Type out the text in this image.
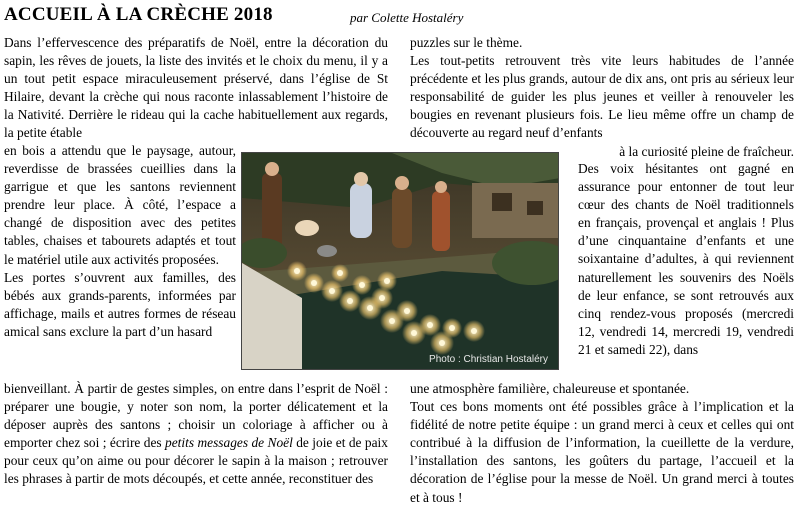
ACCUEIL À LA CRÈCHE 2018	par Colette Hostaléry

Dans l’effervescence des préparatifs de Noël, entre la décoration du sapin, les rêves de jouets, la liste des invités et le choix du menu, il y a un tout petit espace miraculeusement préservé, dans l’église de St Hilaire, devant la crèche qui nous raconte inlassablement l’histoire de la Nativité. Derrière le rideau qui la cache habituellement aux regards, la petite étable

en bois a attendu que le paysage, autour, reverdisse de brassées cueillies dans la garrigue et que les santons reviennent prendre leur place. À côté, l’espace a changé de disposition avec des petites tables, chaises et tabourets adaptés et tout le matériel utile aux activités proposées.

Les portes s’ouvrent aux familles, des bébés aux grands-parents, informées par affichage, mails et autres formes de réseau amical sans exclure la part d’un hasard

bienveillant. À partir de gestes simples, on entre dans l’esprit de Noël : préparer une bougie, y noter son nom, la porter délicatement et la déposer auprès des santons ; choisir un coloriage à afficher ou à emporter chez soi ; écrire des petits messages de Noël de joie et de paix pour ceux qu’on aime ou pour décorer le sapin à la maison ; retrouver les phrases à partir de mots découpés, et cette année, reconstituer des

puzzles sur le thème.

Les tout-petits retrouvent très vite leurs habitudes de l’année précédente et les plus grands, autour de dix ans, ont pris au sérieux leur responsabilité de guider les plus jeunes et veiller à renouveler les bougies en revenant plusieurs fois. Le lieu même offre un champ de découverte au regard neuf d’enfants

à la curiosité pleine de fraîcheur.

Des voix hésitantes ont gagné en assurance pour entonner de tout leur cœur des chants de Noël traditionnels en français, provençal et anglais ! Plus d’une cinquantaine d’enfants et une soixantaine d’adultes, à qui reviennent naturellement les souvenirs des Noëls de leur enfance, se sont retrouvés aux cinq rendez-vous proposés (mercredi 12, vendredi 14, mercredi 19, vendredi 21 et samedi 22), dans

une atmosphère familière, chaleureuse et spontanée.

Tout ces bons moments ont été possibles grâce à l’implication et la fidélité de notre petite équipe : un grand merci à ceux et celles qui ont contribué à la diffusion de l’information, la cueillette de la verdure, l’installation des santons, les goûters du partage, l’accueil et la décoration de l’église pour la messe de Noël. Un grand merci à toutes et à tous !

Photo : Christian Hostaléry
